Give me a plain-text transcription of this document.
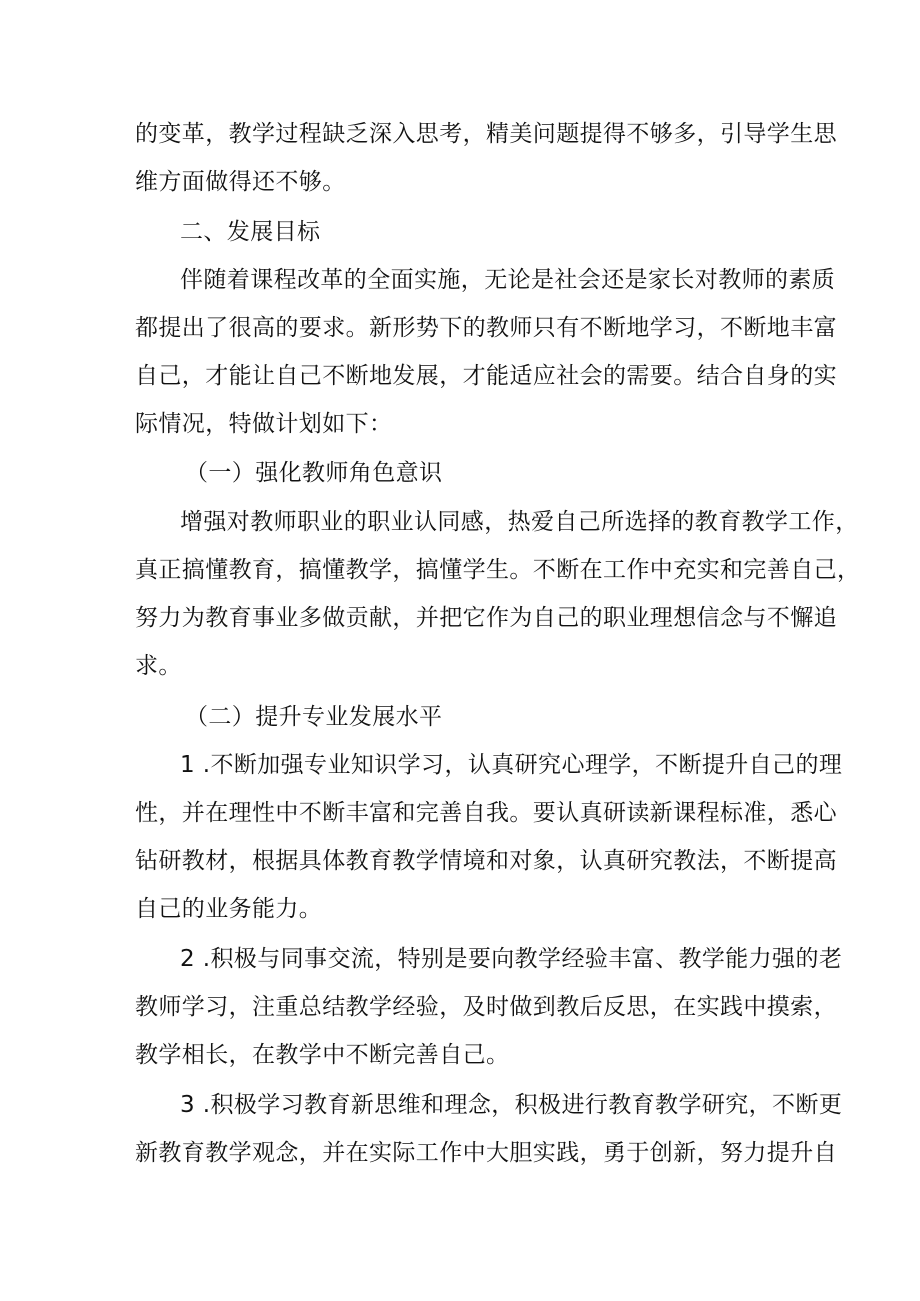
的变革，教学过程缺乏深入思考，精美问题提得不够多，引导学生思
维方面做得还不够。
二、发展目标
伴随着课程改革的全面实施，无论是社会还是家长对教师的素质
都提出了很高的要求。新形势下的教师只有不断地学习，不断地丰富
自己，才能让自己不断地发展，才能适应社会的需要。结合自身的实
际情况，特做计划如下：
（一）强化教师角色意识
增强对教师职业的职业认同感，热爱自己所选择的教育教学工作，
真正搞懂教育，搞懂教学，搞懂学生。不断在工作中充实和完善自己，
努力为教育事业多做贡献，并把它作为自己的职业理想信念与不懈追
求。
（二）提升专业发展水平
1 .不断加强专业知识学习，认真研究心理学，不断提升自己的理
性，并在理性中不断丰富和完善自我。要认真研读新课程标准，悉心
钻研教材，根据具体教育教学情境和对象，认真研究教法，不断提高
自己的业务能力。
2 .积极与同事交流，特别是要向教学经验丰富、教学能力强的老
教师学习，注重总结教学经验，及时做到教后反思，在实践中摸索，
教学相长，在教学中不断完善自己。
3 .积极学习教育新思维和理念，积极进行教育教学研究，不断更
新教育教学观念，并在实际工作中大胆实践，勇于创新，努力提升自
